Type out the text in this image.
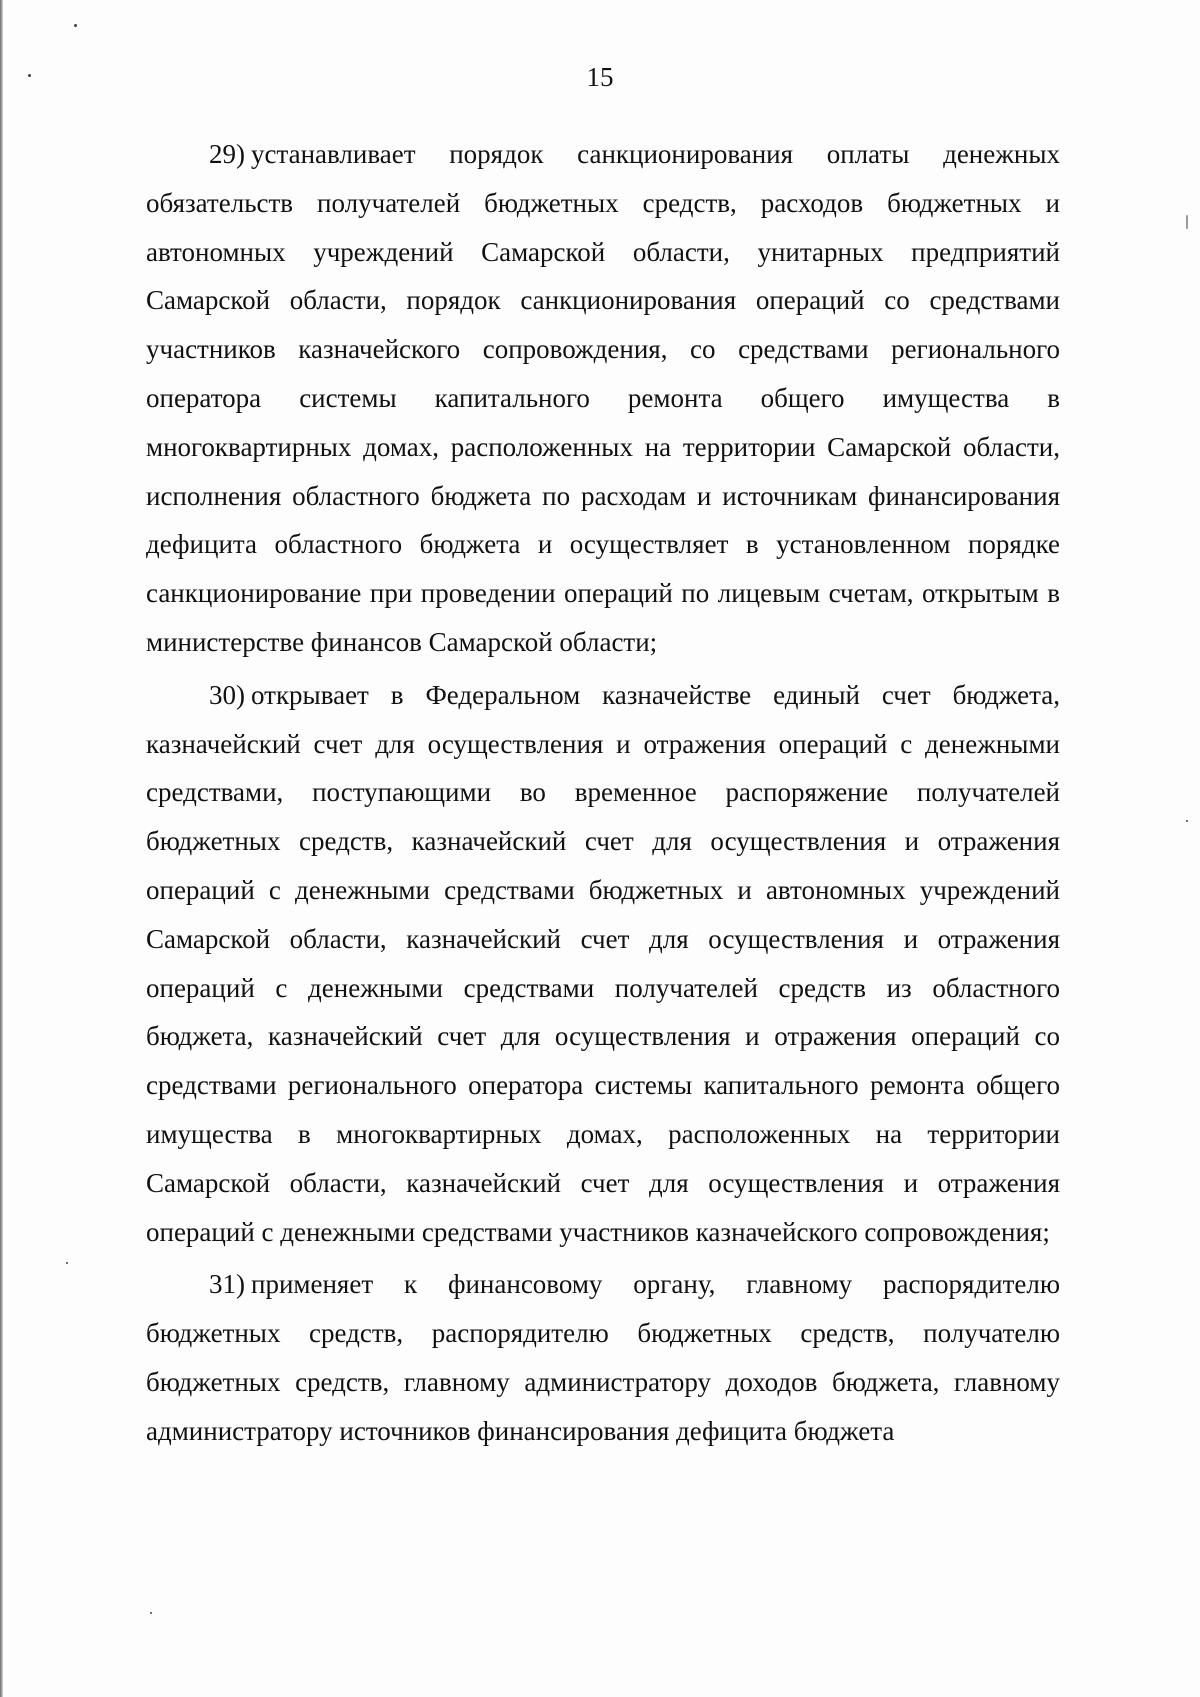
15

29) устанавливает порядок санкционирования оплаты денежных обязательств получателей бюджетных средств, расходов бюджетных и автономных учреждений Самарской области, унитарных предприятий Самарской области, порядок санкционирования операций со средствами участников казначейского сопровождения, со средствами регионального оператора системы капитального ремонта общего имущества в многоквартирных домах, расположенных на территории Самарской области, исполнения областного бюджета по расходам и источникам финансирования дефицита областного бюджета и осуществляет в установленном порядке санкционирование при проведении операций по лицевым счетам, открытым в министерстве финансов Самарской области;

30) открывает в Федеральном казначействе единый счет бюджета, казначейский счет для осуществления и отражения операций с денежными средствами, поступающими во временное распоряжение получателей бюджетных средств, казначейский счет для осуществления и отражения операций с денежными средствами бюджетных и автономных учреждений Самарской области, казначейский счет для осуществления и отражения операций с денежными средствами получателей средств из областного бюджета, казначейский счет для осуществления и отражения операций со средствами регионального оператора системы капитального ремонта общего имущества в многоквартирных домах, расположенных на территории Самарской области, казначейский счет для осуществления и отражения операций с денежными средствами участников казначейского сопровождения;

31) применяет к финансовому органу, главному распорядителю бюджетных средств, распорядителю бюджетных средств, получателю бюджетных средств, главному администратору доходов бюджета, главному администратору источников финансирования дефицита бюджета
